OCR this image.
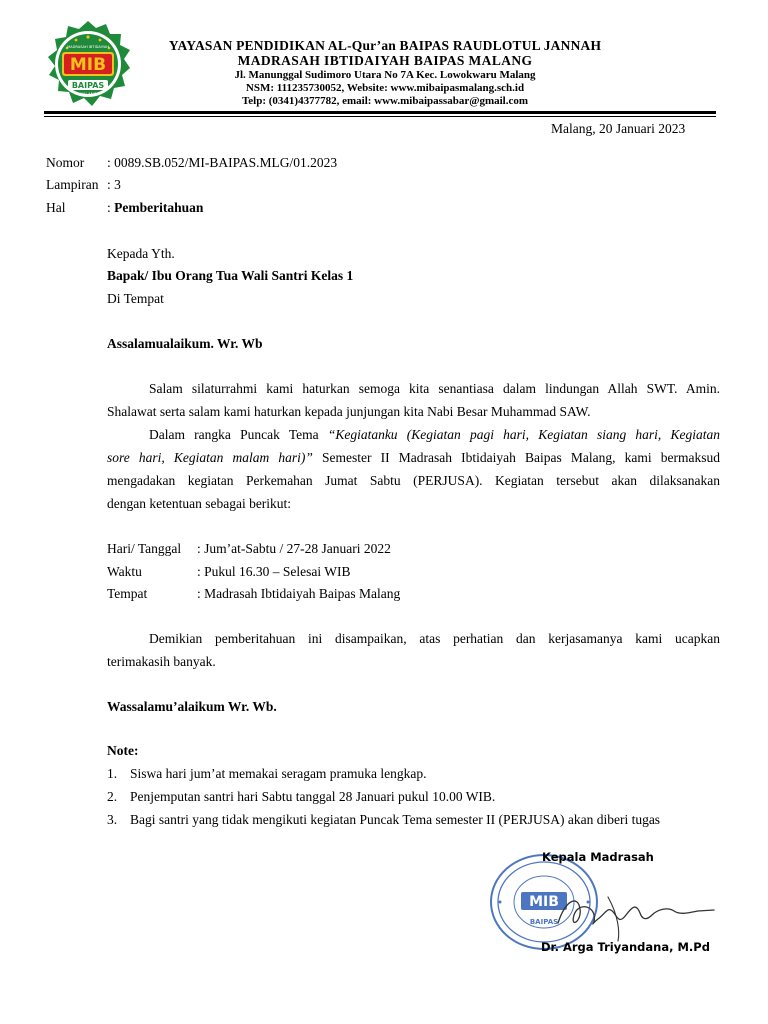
MIB
BAIPAS
MALANG
MADRASAH IBTIDAIYAH	YAYASAN PENDIDIKAN AL-Qur’an BAIPAS RAUDLOTUL JANNAH
MADRASAH IBTIDAIYAH BAIPAS MALANG
Jl. Manunggal Sudimoro Utara No 7A Kec. Lowokwaru Malang
NSM: 111235730052, Website: www.mibaipasmalang.sch.id
Telp: (0341)4377782, email: www.mibaipassabar@gmail.com
Malang, 20 Januari 2023
Nomor : 0089.SB.052/MI-BAIPAS.MLG/01.2023
Lampiran : 3
Hal	: Pemberitahuan
Kepada Yth.
Bapak/ Ibu Orang Tua Wali Santri Kelas 1
Di Tempat
Assalamualaikum. Wr. Wb
Salam silaturrahmi kami haturkan semoga kita senantiasa dalam lindungan Allah SWT. Amin.
Shalawat serta salam kami haturkan kepada junjungan kita Nabi Besar Muhammad SAW.
Dalam rangka Puncak Tema “Kegiatanku (Kegiatan pagi hari, Kegiatan siang hari, Kegiatan
sore hari, Kegiatan malam hari)” Semester II Madrasah Ibtidaiyah Baipas Malang, kami bermaksud
mengadakan kegiatan Perkemahan Jumat Sabtu (PERJUSA). Kegiatan tersebut akan dilaksanakan
dengan ketentuan sebagai berikut:
Hari/ Tanggal : Jum’at-Sabtu / 27-28 Januari 2022
Waktu	: Pukul 16.30 – Selesai WIB
Tempat	: Madrasah Ibtidaiyah Baipas Malang
Demikian pemberitahuan ini disampaikan, atas perhatian dan kerjasamanya kami ucapkan
terimakasih banyak.
Wassalamu’alaikum Wr. Wb.
Note:
1. Siswa hari jum’at memakai seragam pramuka lengkap.
2. Penjemputan santri hari Sabtu tanggal 28 Januari pukul 10.00 WIB.
3. Bagi santri yang tidak mengikuti kegiatan Puncak Tema semester II (PERJUSA) akan diberi tugas
MIB
BAIPAS
Kepala Madrasah
Dr. Arga Triyandana, M.Pd
